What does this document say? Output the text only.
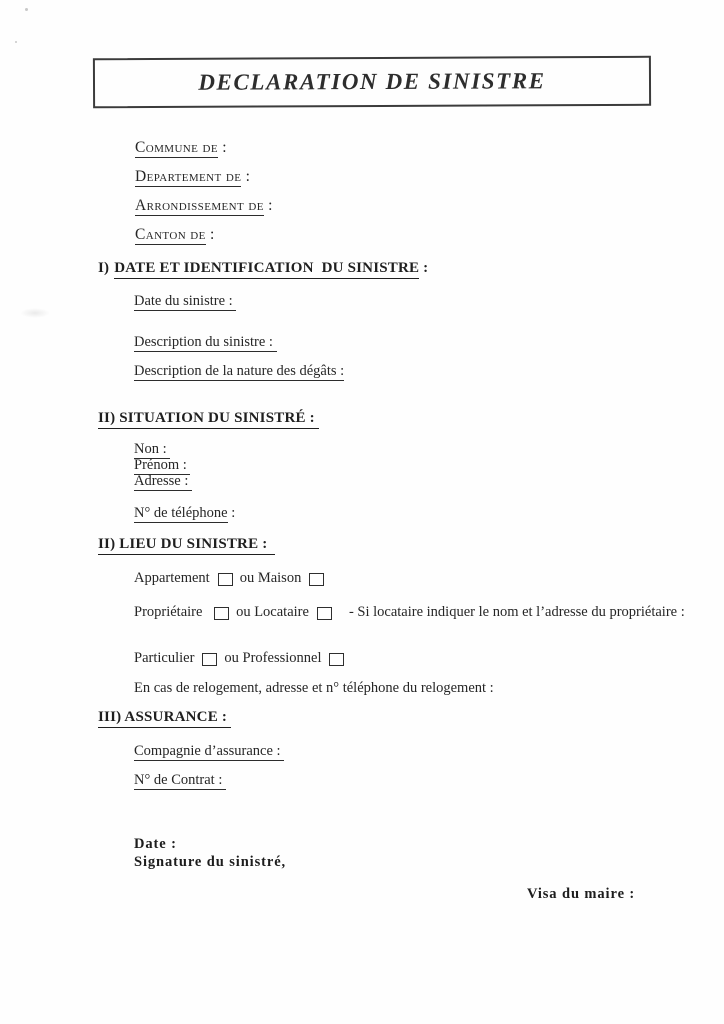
DECLARATION DE SINISTRE
Commune de :
Departement de :
Arrondissement de :
Canton de :
I) DATE ET IDENTIFICATION  DU SINISTRE :
Date du sinistre :
Description du sinistre :
Description de la nature des dégâts :
II) SITUATION DU SINISTRÉ :
Non :
Prénom :
Adresse :
N° de téléphone :
II) LIEU DU SINISTRE :
Appartement ou Maison
Propriétaire ou Locataire	- Si locataire indiquer le nom et l’adresse du propriétaire :
Particulier ou Professionnel
En cas de relogement, adresse et n° téléphone du relogement :
III) ASSURANCE :
Compagnie d’assurance :
N° de Contrat :
Date :
Signature du sinistré,
Visa du maire :
